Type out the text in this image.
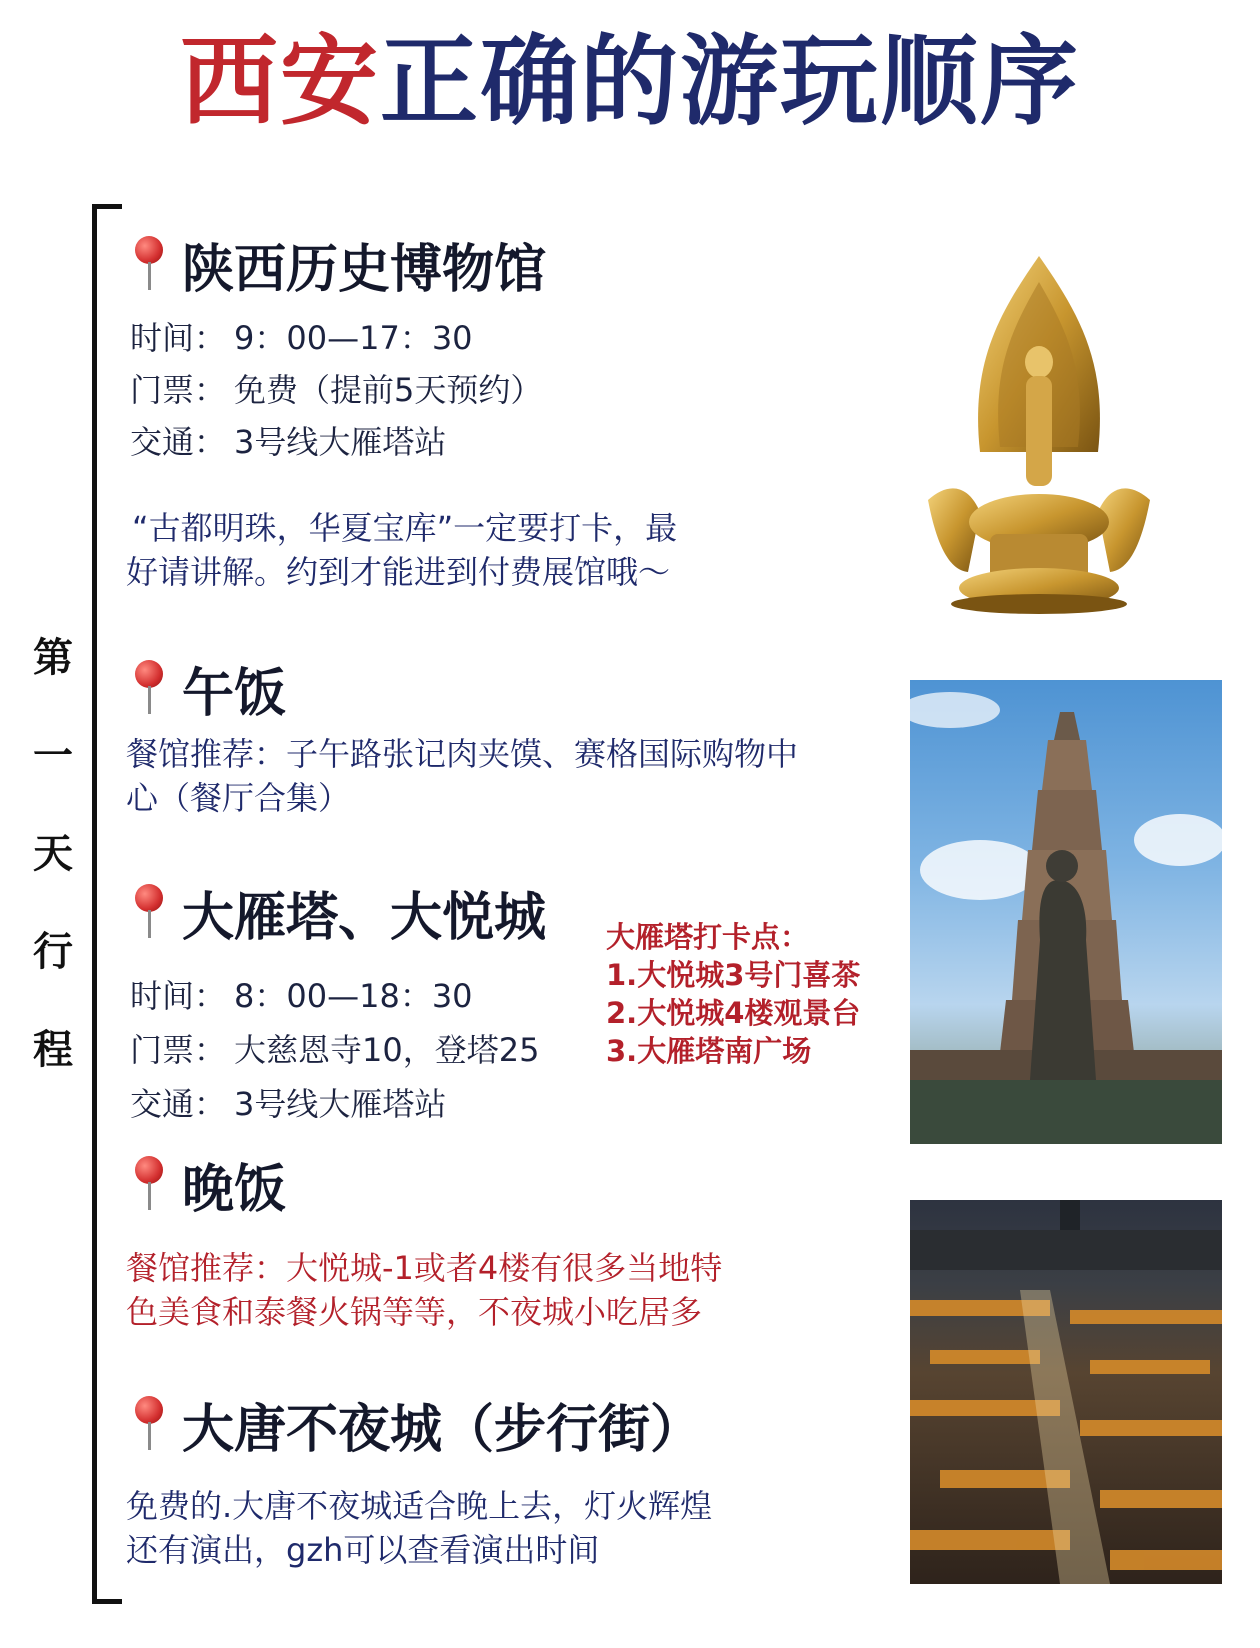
西安正确的游玩顺序
第
一
天
行
程
陕西历史博物馆
时间： 9：00—17：30
门票： 免费（提前5天预约）
交通： 3号线大雁塔站
“古都明珠，华夏宝库”一定要打卡，最
好请讲解。约到才能进到付费展馆哦～
午饭
餐馆推荐：子午路张记肉夹馍、赛格国际购物中
心（餐厅合集）
大雁塔、大悦城
时间： 8：00—18：30
门票： 大慈恩寺10，登塔25
交通： 3号线大雁塔站
大雁塔打卡点：
1.大悦城3号门喜茶
2.大悦城4楼观景台
3.大雁塔南广场
晚饭
餐馆推荐：大悦城-1或者4楼有很多当地特
色美食和泰餐火锅等等，不夜城小吃居多
大唐不夜城（步行街）
免费的.大唐不夜城适合晚上去，灯火辉煌
还有演出，gzh可以查看演出时间
